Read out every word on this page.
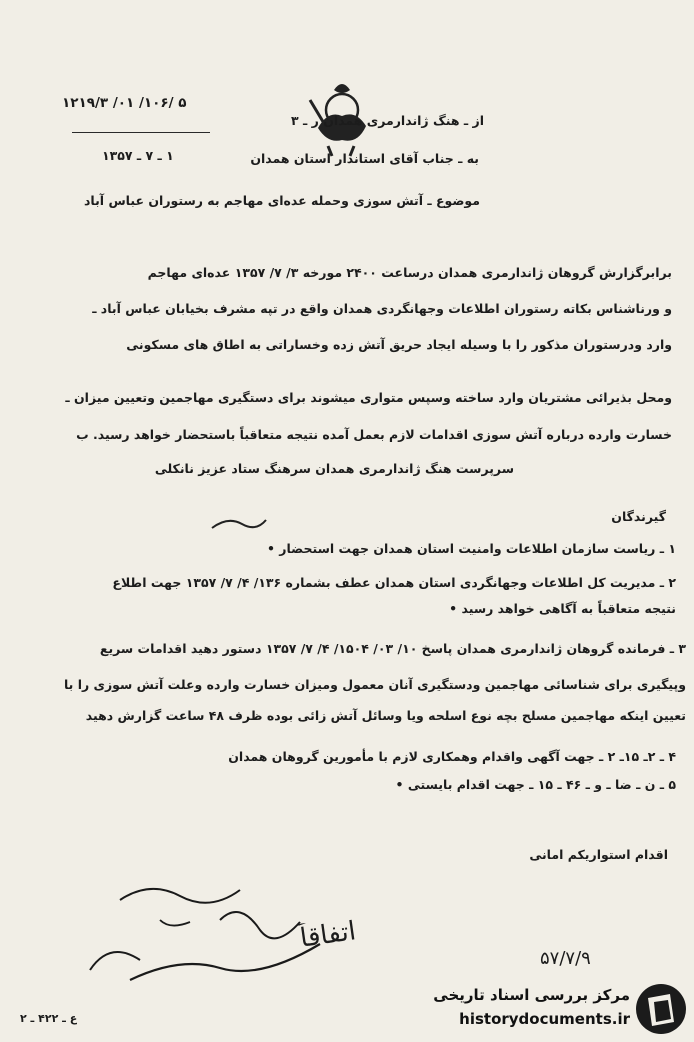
از ـ هنگ ژاندارمری همدان ر ـ ۳
۵ /۱۰۶/ ۰۱/ ۱۲۱۹/۳
۱ ـ ۷ ـ ۱۳۵۷	به ـ جناب آقای استاندار استان همدان
موضوع ـ آتش سوزی وحمله عده‌ای مهاجم به رستوران عباس آباد
برابرگزارش گروهان ژاندارمری همدان درساعت ۲۴۰۰ مورخه ۳/ ۷/ ۱۳۵۷ عده‌ای مهاجم
و ورناشناس بکاته رستوران اطلاعات وجهانگردی همدان واقع در تپه مشرف بخیابان عباس آباد ـ
وارد ودرستوران مذکور را با وسیله ایجاد حریق آتش زده وخساراتی به اطاق های مسکونی
ومحل بذیرائی مشتریان وارد ساخته وسپس متواری میشوند برای دستگیری مهاجمین وتعیین میزان ـ
خسارت وارده درباره آتش سوزی اقدامات لازم بعمل آمده نتیجه متعاقباً باستحضار خواهد رسید. ب
سرپرست هنگ ژاندارمری همدان سرهنگ ستاد عزیز نانکلی
گیرندگان
۱ ـ ریاست سازمان اطلاعات وامنیت استان همدان جهت استحضار •
۲ ـ مدیریت کل اطلاعات وجهانگردی استان همدان عطف بشماره ۱۳۶/ ۴/ ۷/ ۱۳۵۷ جهت اطلاع
نتیجه متعاقباً به آگاهی خواهد رسید •
۳ ـ فرمانده گروهان ژاندارمری همدان پاسخ ۱۰/ ۰۳/ ۱۵۰۴/ ۴/ ۷/ ۱۳۵۷ دستور دهید اقدامات سریع
وپیگیری برای شناسائی مهاجمین ودستگیری آنان معمول ومیزان خسارت وارده وعلت آتش سوزی را با
تعیین اینکه مهاجمین مسلح بچه نوع اسلحه ویا وسائل آتش زائی بوده ظرف ۴۸ ساعت گزارش دهید
۴ ـ ۲ـ ۱۵ـ ۲ ـ جهت آگهی واقدام وهمکاری لازم با مأمورین گروهان همدان
۵ ـ ن ـ ضا ـ و ـ ۴۶ ـ ۱۵ ـ جهت اقدام بایستی •
اقدام استواریکم امانی
اتفاقاً
۵۷/۷/۹
ع ـ ۴۲۲ ـ ۲
مرکز بررسی اسناد تاریخی
historydocuments.ir
